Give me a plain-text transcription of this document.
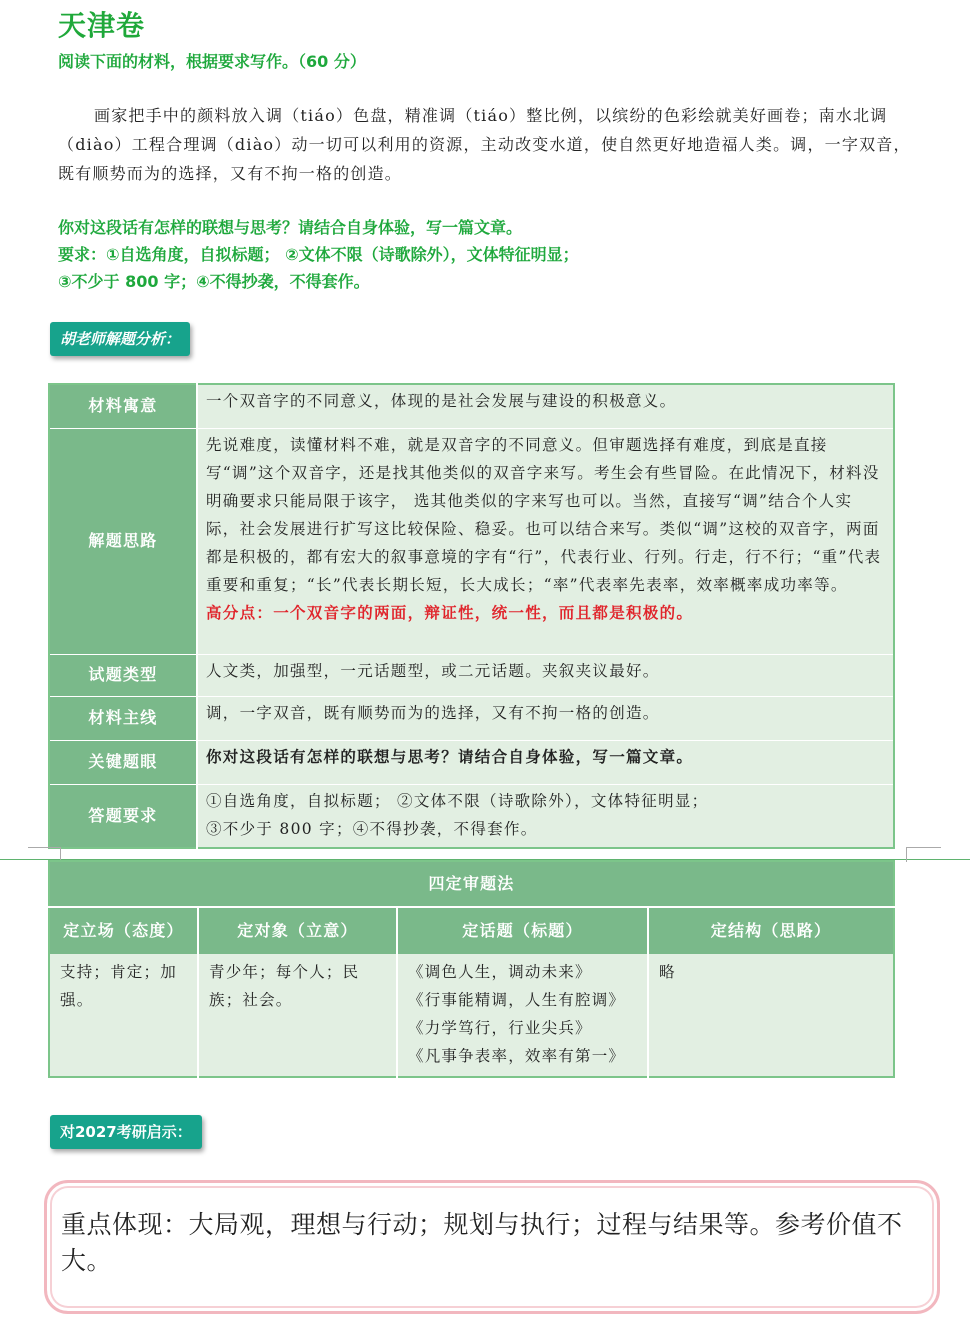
天津卷
阅读下面的材料，根据要求写作。（60 分）
画家把手中的颜料放入调（tiáo）色盘，精准调（tiáo）整比例，以缤纷的色彩绘就美好画卷；南水北调（diào）工程合理调（diào）动一切可以利用的资源，主动改变水道，使自然更好地造福人类。调，一字双音，既有顺势而为的选择，又有不拘一格的创造。
你对这段话有怎样的联想与思考？请结合自身体验，写一篇文章。
要求：①自选角度，自拟标题； ②文体不限（诗歌除外），文体特征明显；
③不少于 800 字；④不得抄袭，不得套作。
胡老师解题分析：
材料寓意	一个双音字的不同意义，体现的是社会发展与建设的积极意义。
解题思路	先说难度，读懂材料不难，就是双音字的不同意义。但审题选择有难度，到底是直接写“调”这个双音字，还是找其他类似的双音字来写。考生会有些冒险。在此情况下，材料没明确要求只能局限于该字， 选其他类似的字来写也可以。当然，直接写“调”结合个人实际，社会发展进行扩写这比较保险、稳妥。也可以结合来写。类似“调”这校的双音字，两面都是积极的，都有宏大的叙事意境的字有“行”，代表行业、行列。行走，行不行；“重”代表重要和重复；“长”代表长期长短，长大成长；“率”代表率先表率，效率概率成功率等。
高分点：一个双音字的两面，辩证性，统一性，而且都是积极的。

试题类型	人文类，加强型，一元话题型，或二元话题。夹叙夹议最好。
材料主线	调，一字双音，既有顺势而为的选择，又有不拘一格的创造。
关键题眼	你对这段话有怎样的联想与思考？请结合自身体验，写一篇文章。
答题要求	①自选角度，自拟标题； ②文体不限（诗歌除外），文体特征明显；
③不少于 800 字；④不得抄袭，不得套作。
四定审题法			
定立场（态度）	定对象（立意）	定话题（标题）	定结构（思路）
支持；肯定；加强。	青少年；每个人；民族；社会。	《调色人生，调动未来》
《行事能精调，人生有腔调》
《力学笃行，行业尖兵》
《凡事争表率，效率有第一》	略
对2027考研启示：
重点体现：大局观，理想与行动；规划与执行；过程与结果等。参考价值不大。
